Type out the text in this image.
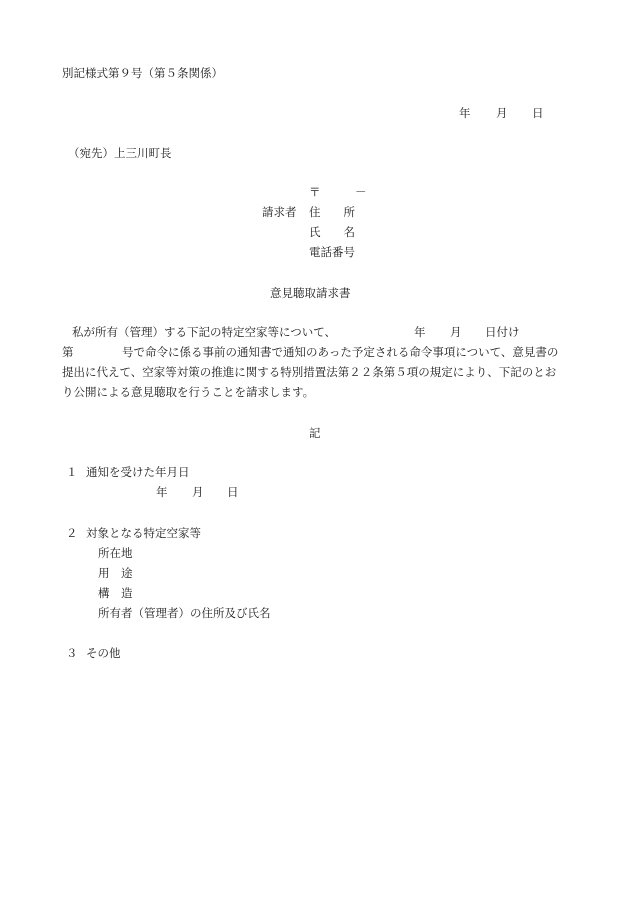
別記様式第９号（第５条関係）
年 月 日
（宛先）上三川町長
〒　　　－
請求者 住　　所
氏　　名
電話番号
意見聴取請求書
私が所有（管理）する下記の特定空家等について、	年 月 日付け
第	号で命令に係る事前の通知書で通知のあった予定される命令事項について、意見書の
提出に代えて、空家等対策の推進に関する特別措置法第２２条第５項の規定により、下記のとお
り公開による意見聴取を行うことを請求します。
記
１ 通知を受けた年月日
年 月 日
２ 対象となる特定空家等
所在地
用　途
構　造
所有者（管理者）の住所及び氏名
３ その他
